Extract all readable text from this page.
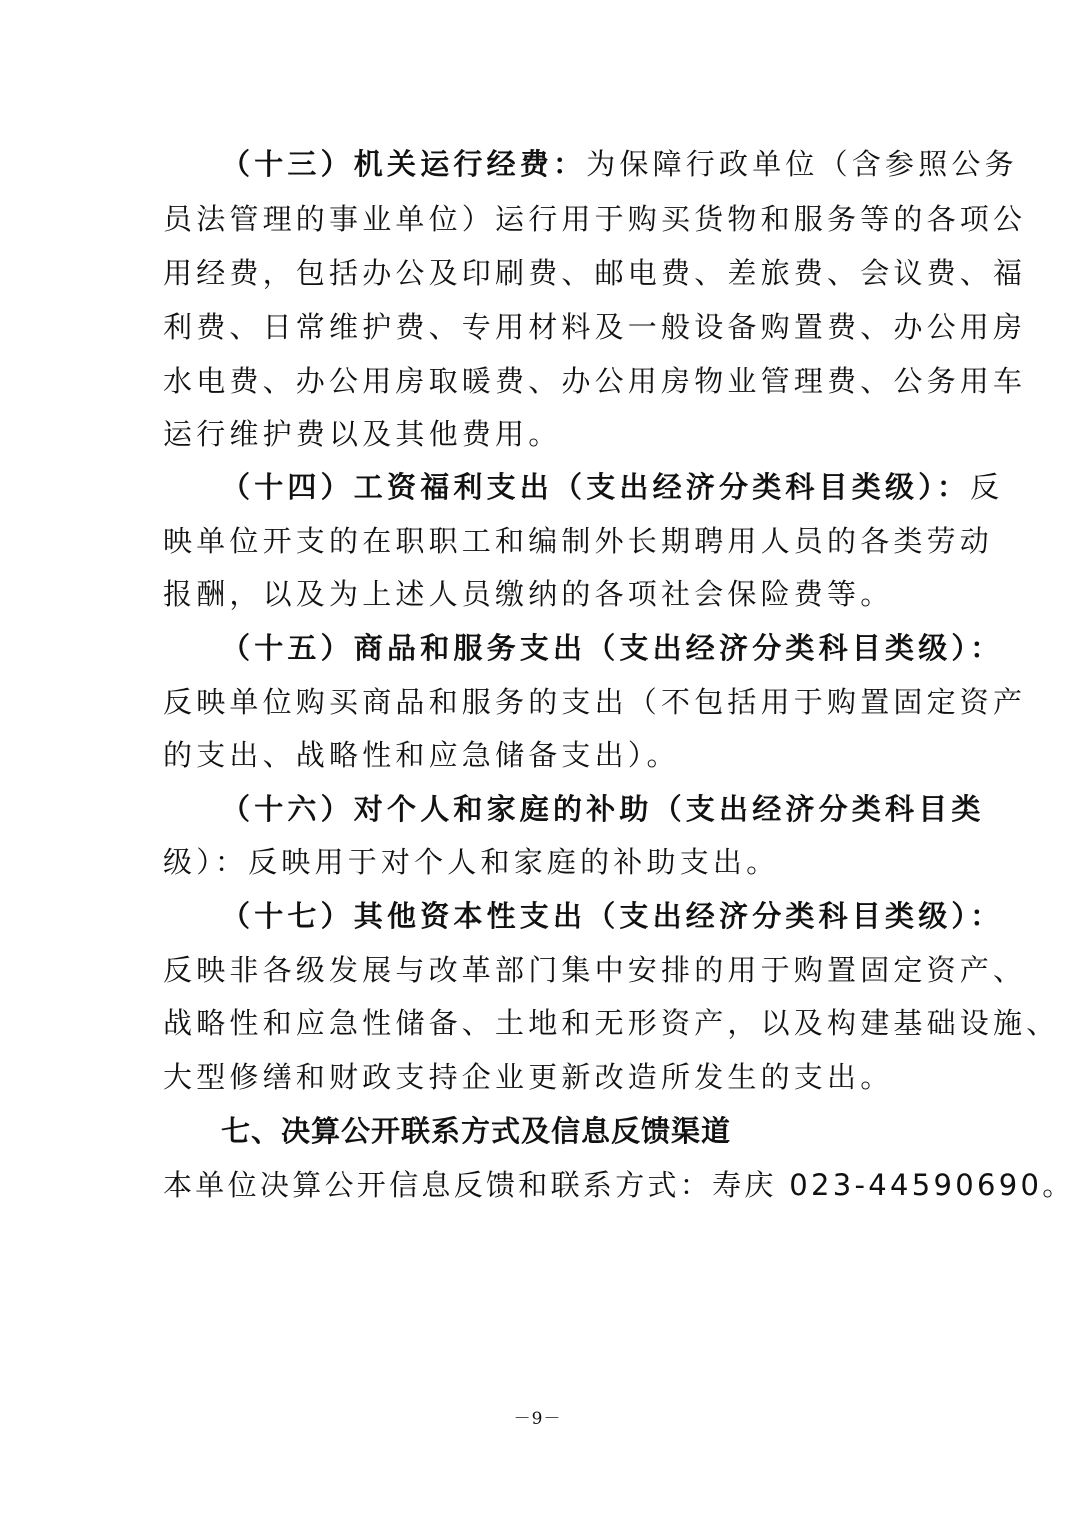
（十三）机关运行经费：为保障行政单位（含参照公务
员法管理的事业单位）运行用于购买货物和服务等的各项公
用经费，包括办公及印刷费、邮电费、差旅费、会议费、福
利费、日常维护费、专用材料及一般设备购置费、办公用房
水电费、办公用房取暖费、办公用房物业管理费、公务用车
运行维护费以及其他费用。
（十四）工资福利支出（支出经济分类科目类级）：反
映单位开支的在职职工和编制外长期聘用人员的各类劳动
报酬，以及为上述人员缴纳的各项社会保险费等。
（十五）商品和服务支出（支出经济分类科目类级）：
反映单位购买商品和服务的支出（不包括用于购置固定资产
的支出、战略性和应急储备支出）。
（十六）对个人和家庭的补助（支出经济分类科目类
级）：反映用于对个人和家庭的补助支出。
（十七）其他资本性支出（支出经济分类科目类级）：
反映非各级发展与改革部门集中安排的用于购置固定资产、
战略性和应急性储备、土地和无形资产，以及构建基础设施、
大型修缮和财政支持企业更新改造所发生的支出。
七、决算公开联系方式及信息反馈渠道
本单位决算公开信息反馈和联系方式：寿庆 023-44590690。
－9－
